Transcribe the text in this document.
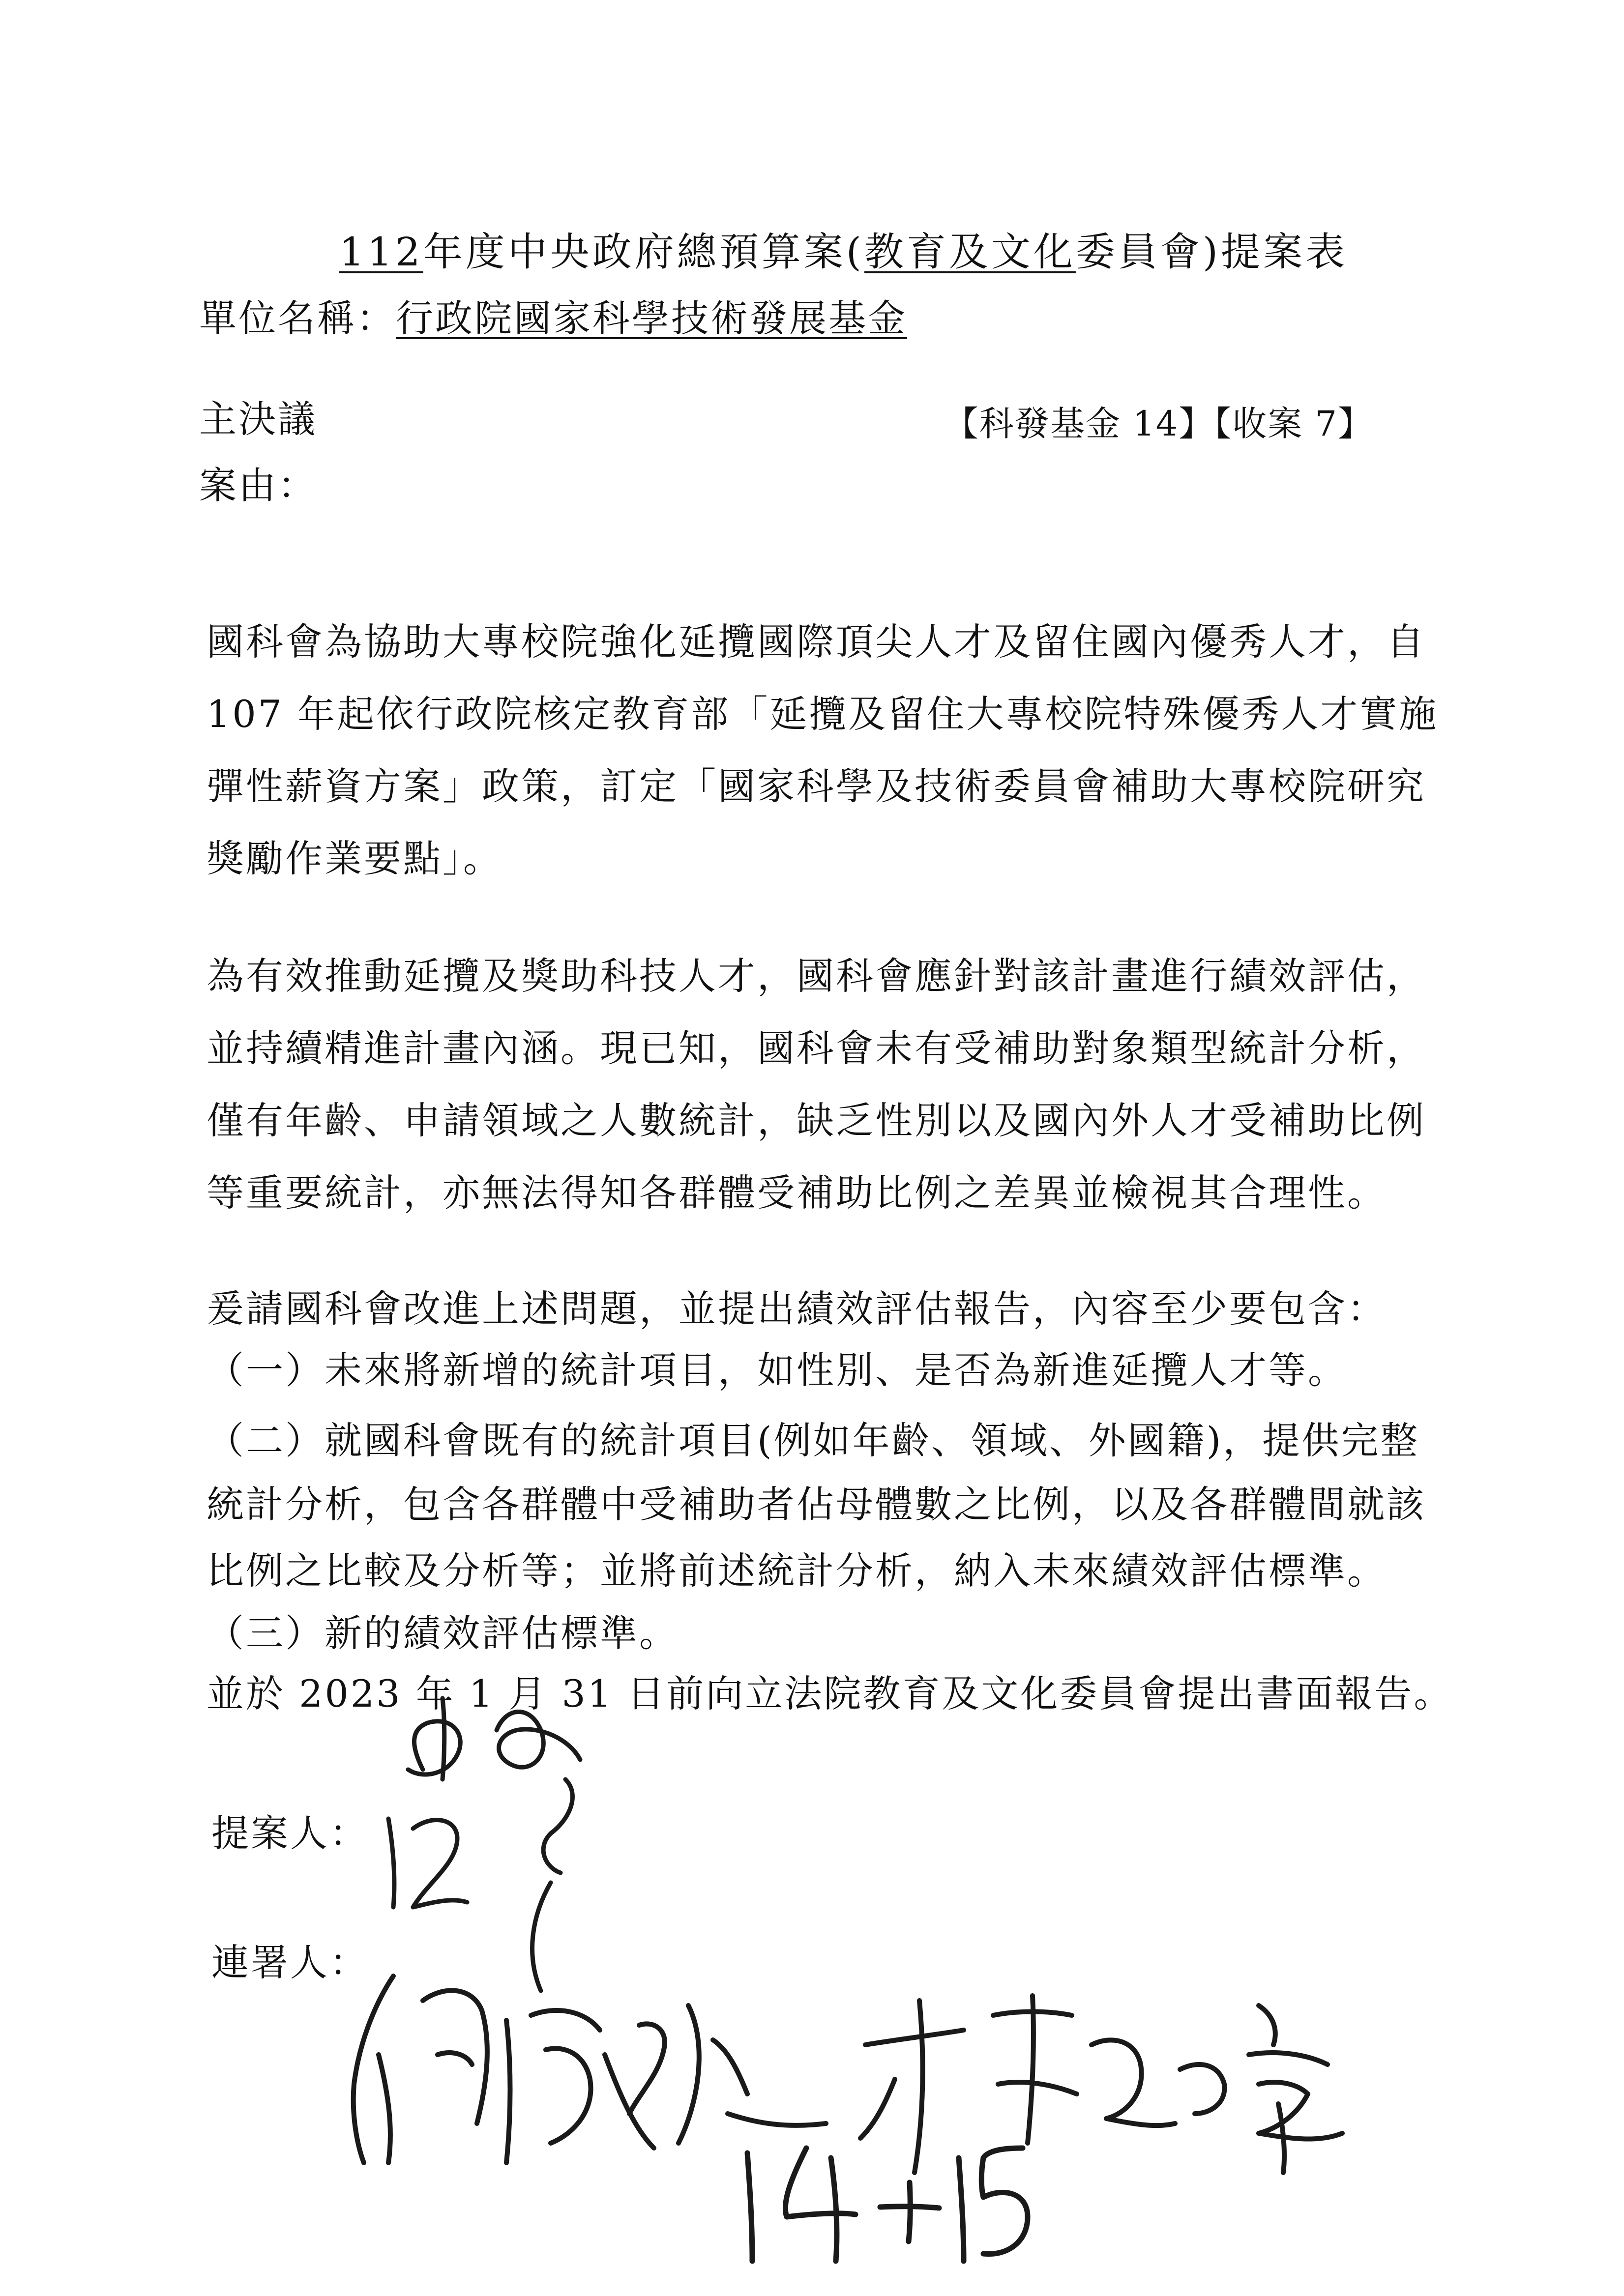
112年度中央政府總預算案(教育及文化委員會)提案表
單位名稱：行政院國家科學技術發展基金
主決議	【科發基金 14】【收案 7】
案由：
國科會為協助大專校院強化延攬國際頂尖人才及留住國內優秀人才，自
107 年起依行政院核定教育部「延攬及留住大專校院特殊優秀人才實施
彈性薪資方案」政策，訂定「國家科學及技術委員會補助大專校院研究
獎勵作業要點」。
為有效推動延攬及獎助科技人才，國科會應針對該計畫進行績效評估，
並持續精進計畫內涵。現已知，國科會未有受補助對象類型統計分析，
僅有年齡、申請領域之人數統計，缺乏性別以及國內外人才受補助比例
等重要統計，亦無法得知各群體受補助比例之差異並檢視其合理性。
爰請國科會改進上述問題，並提出績效評估報告，內容至少要包含：
（一）未來將新增的統計項目，如性別、是否為新進延攬人才等。
（二）就國科會既有的統計項目(例如年齡、領域、外國籍)，提供完整
統計分析，包含各群體中受補助者佔母體數之比例，以及各群體間就該
比例之比較及分析等；並將前述統計分析，納入未來績效評估標準。
（三）新的績效評估標準。
並於 2023 年 1 月 31 日前向立法院教育及文化委員會提出書面報告。
提案人：
連署人：
